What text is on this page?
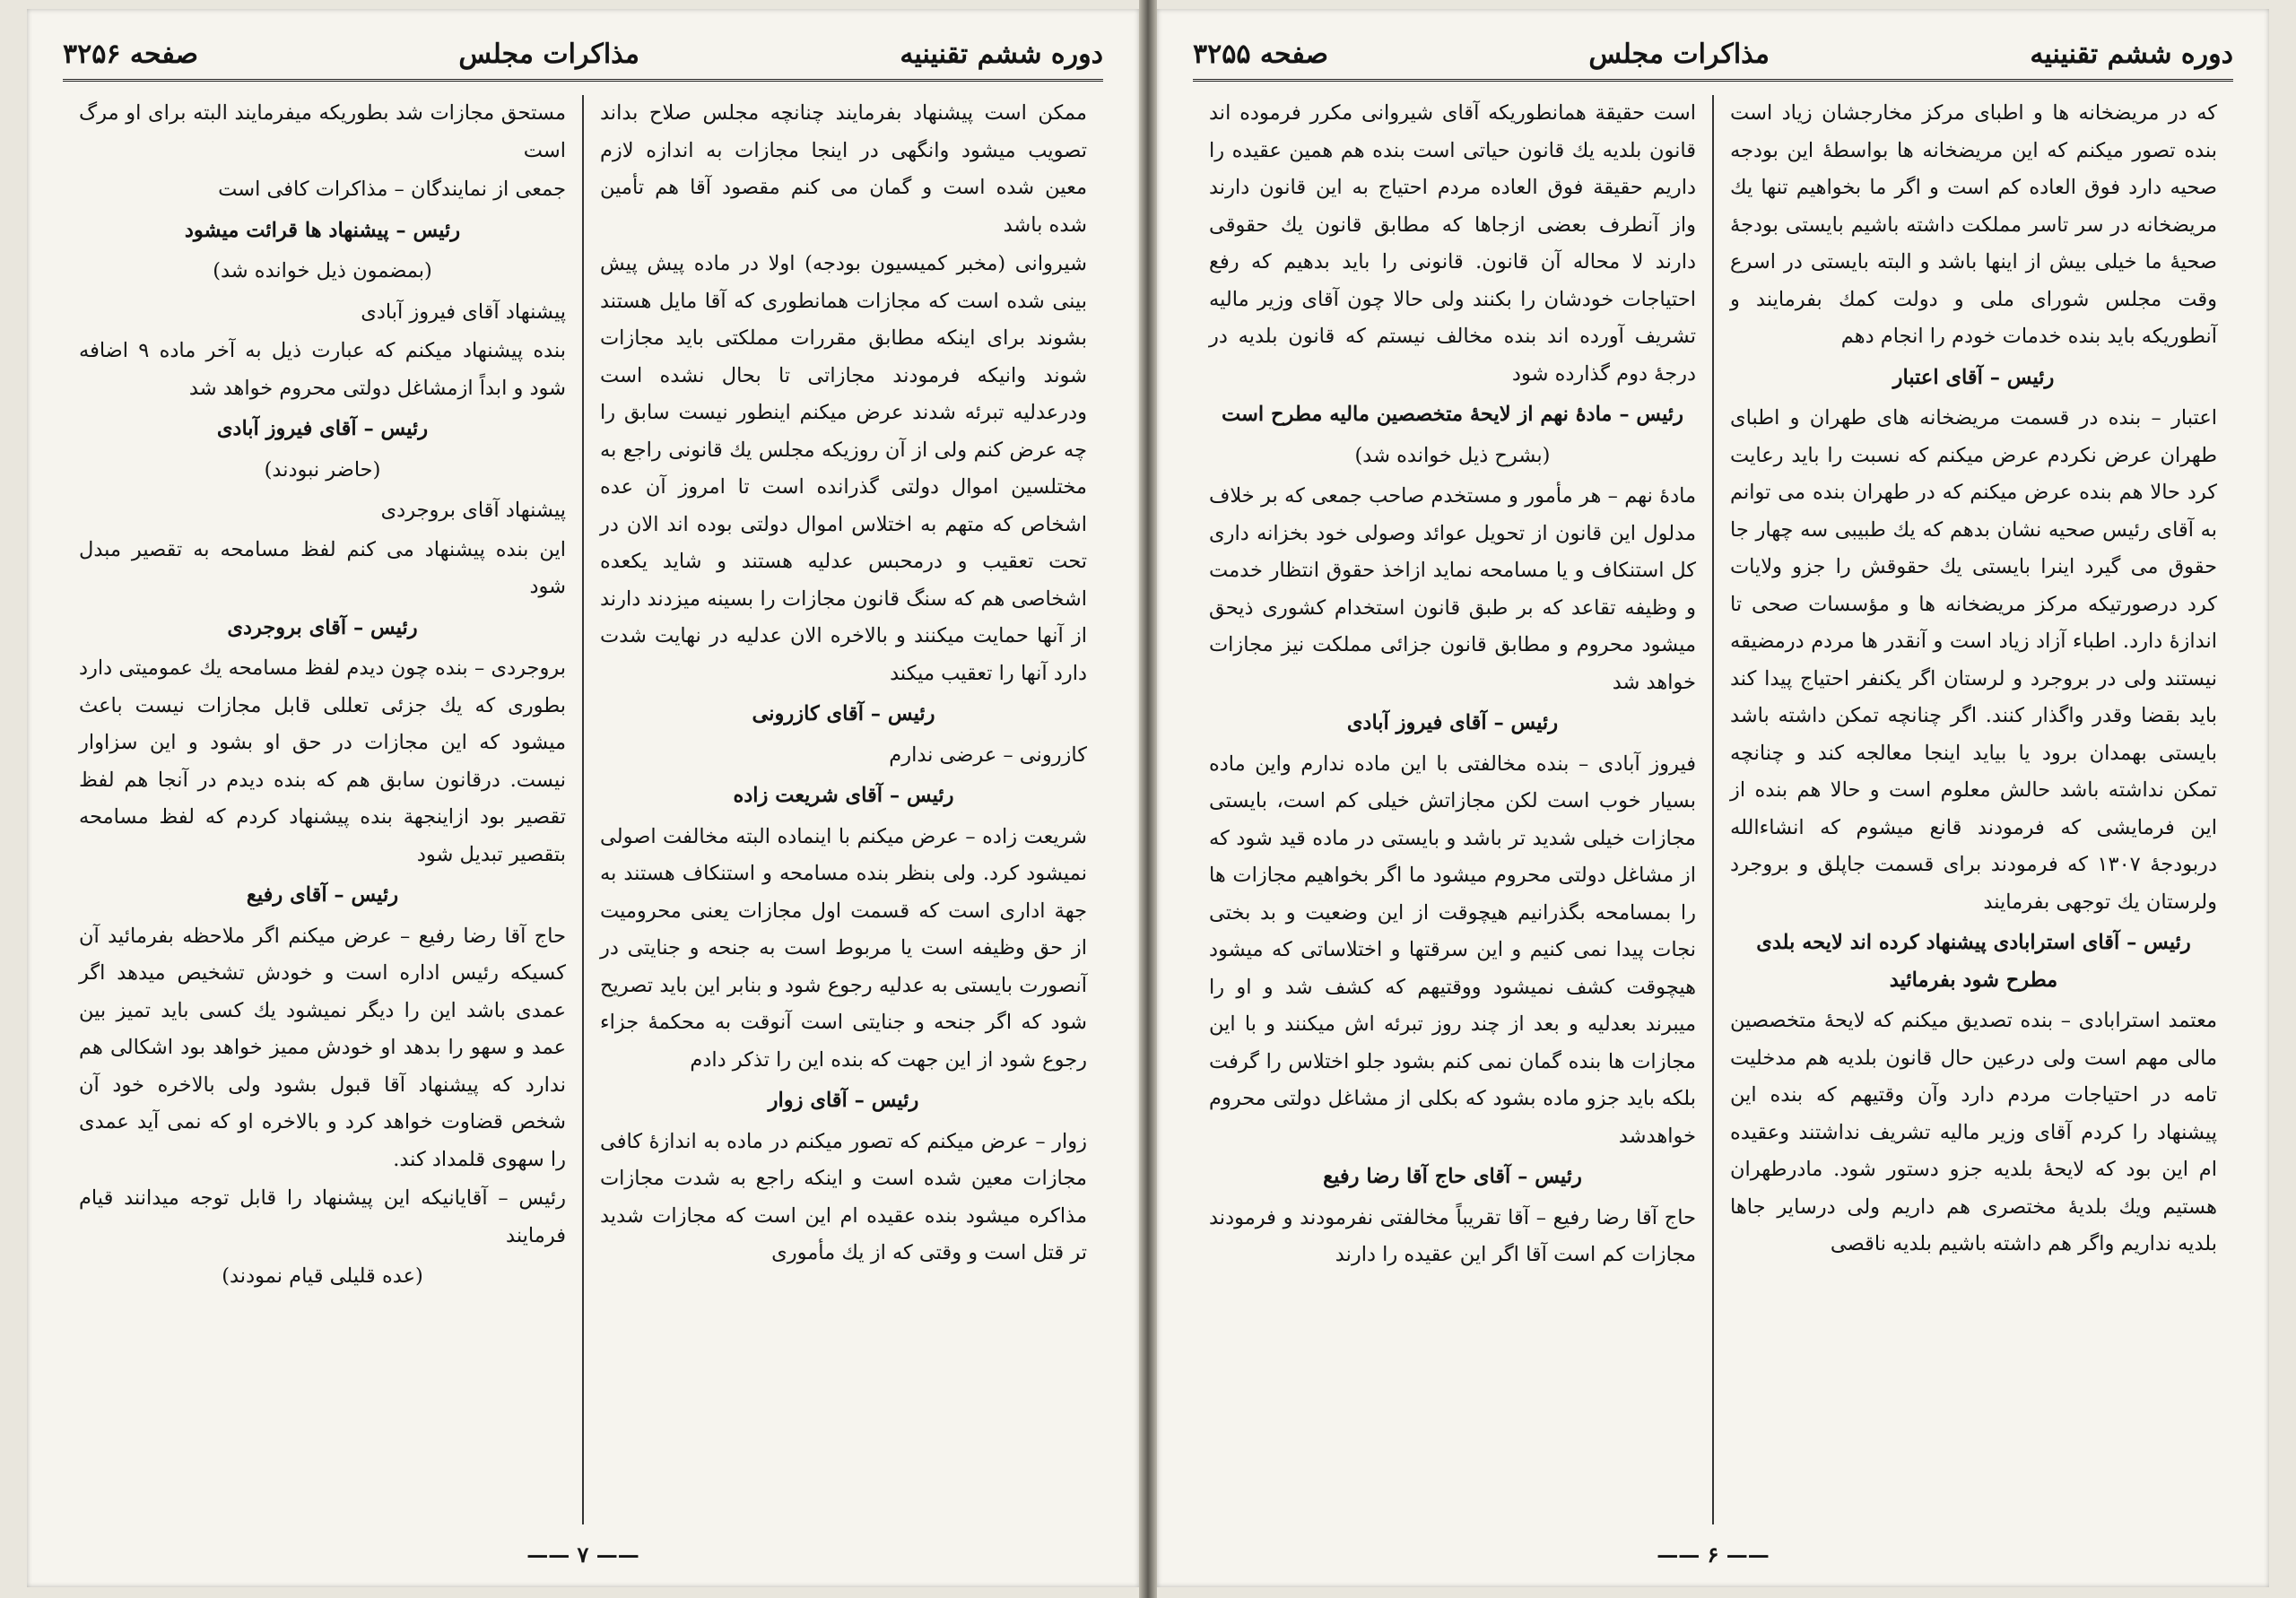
دوره ششم تقنينيه
مذاكرات مجلس
صفحه ۳۲۵۶

ممكن است پيشنهاد بفرمايند چنانچه مجلس صلاح بداند تصويب ميشود وانگهى در اينجا مجازات به اندازه لازم معين شده است و گمان مى كنم مقصود آقا هم تأمين شده باشد

شيروانى (مخبر كميسيون بودجه) اولا در ماده پيش پيش بينى شده است كه مجازات همانطورى كه آقا مايل هستند بشوند براى اينكه مطابق مقررات مملكتى بايد مجازات شوند وانيكه فرمودند مجازاتى تا بحال نشده است ودرعدليه تبرئه شدند عرض ميكنم اينطور نيست سابق را چه عرض كنم ولى از آن روزيكه مجلس يك قانونى راجع به مختلسين اموال دولتى گذرانده است تا امروز آن عده اشخاص كه متهم به اختلاس اموال دولتى بوده اند الان در تحت تعقيب و درمحبس عدليه هستند و شايد يكعده اشخاصى هم كه سنگ قانون مجازات را بسينه ميزدند دارند از آنها حمايت ميكنند و بالاخره الان عدليه در نهايت شدت دارد آنها را تعقيب ميكند

رئيس – آقاى كازرونى

كازرونى – عرضى ندارم

رئيس – آقاى شريعت زاده

شريعت زاده – عرض ميكنم با اينماده البته مخالفت اصولى نميشود كرد. ولى بنظر بنده مسامحه و استنكاف هستند به جهة ادارى است كه قسمت اول مجازات يعنى محروميت از حق وظيفه است يا مربوط است به جنحه و جنايتى در آنصورت بايستى به عدليه رجوع شود و بنابر اين بايد تصريح شود كه اگر جنحه و جنايتى است آنوقت به محكمهٔ جزاء رجوع شود از اين جهت كه بنده اين را تذكر دادم

رئيس – آقاى زوار

زوار – عرض ميكنم كه تصور ميكنم در ماده به اندازهٔ كافى مجازات معين شده است و اينكه راجع به شدت مجازات مذاكره ميشود بنده عقيده ام اين است كه مجازات شديد تر قتل است و وقتى كه از يك مأمورى

مستحق مجازات شد بطوريكه ميفرمايند البته براى او مرگ است

جمعى از نمايندگان – مذاكرات كافى است

رئيس – پيشنهاد ها قرائت ميشود

(بمضمون ذيل خوانده شد)

پيشنهاد آقاى فيروز آبادى

بنده پيشنهاد ميكنم كه عبارت ذيل به آخر ماده ۹ اضافه شود و ابداً ازمشاغل دولتى محروم خواهد شد

رئيس – آقاى فيروز آبادى

(حاضر نبودند)

پيشنهاد آقاى بروجردى

اين بنده پيشنهاد مى كنم لفظ مسامحه به تقصير مبدل شود

رئيس – آقاى بروجردى

بروجردى – بنده چون ديدم لفظ مسامحه يك عموميتى دارد بطورى كه يك جزئى تعللى قابل مجازات نيست باعث ميشود كه اين مجازات در حق او بشود و اين سزاوار نيست. درقانون سابق هم كه بنده ديدم در آنجا هم لفظ تقصير بود ازاينجهة بنده پيشنهاد كردم كه لفظ مسامحه بتقصير تبديل شود

رئيس – آقاى رفيع

حاج آقا رضا رفيع – عرض ميكنم اگر ملاحظه بفرمائيد آن كسيكه رئيس اداره است و خودش تشخيص ميدهد اگر عمدى باشد اين را ديگر نميشود يك كسى بايد تميز بين عمد و سهو را بدهد او خودش مميز خواهد بود اشكالى هم ندارد كه پيشنهاد آقا قبول بشود ولى بالاخره خود آن شخص قضاوت خواهد كرد و بالاخره او كه نمى آيد عمدى را سهوى قلمداد كند.

رئيس – آقايانيكه اين پيشنهاد را قابل توجه ميدانند قيام فرمايند

(عده قليلى قيام نمودند)

—— ۷ ——
دوره ششم تقنينيه
مذاكرات مجلس
صفحه ۳۲۵۵

كه در مريضخانه ها و اطباى مركز مخارجشان زياد است بنده تصور ميكنم كه اين مريضخانه ها بواسطهٔ اين بودجه صحيه دارد فوق العاده كم است و اگر ما بخواهيم تنها يك مريضخانه در سر تاسر مملكت داشته باشيم بايستى بودجهٔ صحيهٔ ما خيلى بيش از اينها باشد و البته بايستى در اسرع وقت مجلس شوراى ملى و دولت كمك بفرمايند و آنطوريكه بايد بنده خدمات خودم را انجام دهم

رئيس – آقاى اعتبار

اعتبار – بنده در قسمت مريضخانه هاى طهران و اطباى طهران عرض نكردم عرض ميكنم كه نسبت را بايد رعايت كرد حالا هم بنده عرض ميكنم كه در طهران بنده مى توانم به آقاى رئيس صحيه نشان بدهم كه يك طبيبى سه چهار جا حقوق مى گيرد اينرا بايستى يك حقوقش را جزو ولايات كرد درصورتيكه مركز مريضخانه ها و مؤسسات صحى تا اندازهٔ دارد. اطباء آزاد زياد است و آنقدر ها مردم درمضيقه نيستند ولى در بروجرد و لرستان اگر يكنفر احتياج پيدا كند بايد بقضا وقدر واگذار كنند. اگر چنانچه تمكن داشته باشد بايستى بهمدان برود يا بيايد اينجا معالجه كند و چنانچه تمكن نداشته باشد حالش معلوم است و حالا هم بنده از اين فرمايشى كه فرمودند قانع ميشوم كه انشاءالله دربودجهٔ ۱۳۰۷ كه فرمودند براى قسمت جاپلق و بروجرد ولرستان يك توجهى بفرمايند

رئيس – آقاى استرابادى پيشنهاد كرده اند لايحه بلدى مطرح شود بفرمائيد

معتمد استرابادى – بنده تصديق ميكنم كه لايحهٔ متخصصين مالى مهم است ولى درعين حال قانون بلديه هم مدخليت تامه در احتياجات مردم دارد وآن وقتيهم كه بنده اين پيشنهاد را كردم آقاى وزير ماليه تشريف نداشتند وعقيده ام اين بود كه لايحهٔ بلديه جزو دستور شود. مادرطهران هستيم ويك بلديهٔ مختصرى هم داريم ولى درساير جاها بلديه نداريم واگر هم داشته باشيم بلديه ناقصى

است حقيقة همانطوريكه آقاى شيروانى مكرر فرموده اند قانون بلديه يك قانون حياتى است بنده هم همين عقيده را داريم حقيقة فوق العاده مردم احتياج به اين قانون دارند واز آنطرف بعضى ازجاها كه مطابق قانون يك حقوقى دارند لا محاله آن قانون. قانونى را بايد بدهيم كه رفع احتياجات خودشان را بكنند ولى حالا چون آقاى وزير ماليه تشريف آورده اند بنده مخالف نيستم كه قانون بلديه در درجهٔ دوم گذارده شود

رئيس – مادهٔ نهم از لايحهٔ متخصصين ماليه مطرح است

(بشرح ذيل خوانده شد)

مادهٔ نهم – هر مأمور و مستخدم صاحب جمعى كه بر خلاف مدلول اين قانون از تحويل عوائد وصولى خود بخزانه دارى كل استنكاف و يا مسامحه نمايد ازاخذ حقوق انتظار خدمت و وظيفه تقاعد كه بر طبق قانون استخدام كشورى ذيحق ميشود محروم و مطابق قانون جزائى مملكت نيز مجازات خواهد شد

رئيس – آقاى فيروز آبادى

فيروز آبادى – بنده مخالفتى با اين ماده ندارم واين ماده بسيار خوب است لكن مجازاتش خيلى كم است، بايستى مجازات خيلى شديد تر باشد و بايستى در ماده قيد شود كه از مشاغل دولتى محروم ميشود ما اگر بخواهيم مجازات ها را بمسامحه بگذرانيم هيچوقت از اين وضعيت و بد بختى نجات پيدا نمى كنيم و اين سرقتها و اختلاساتى كه ميشود هيچوقت كشف نميشود ووقتيهم كه كشف شد و او را ميبرند بعدليه و بعد از چند روز تبرئه اش ميكنند و با اين مجازات ها بنده گمان نمى كنم بشود جلو اختلاس را گرفت بلكه بايد جزو ماده بشود كه بكلى از مشاغل دولتى محروم خواهدشد

رئيس – آقاى حاج آقا رضا رفيع

حاج آقا رضا رفيع – آقا تقريباً مخالفتى نفرمودند و فرمودند مجازات كم است آقا اگر اين عقيده را دارند

—— ۶ ——
